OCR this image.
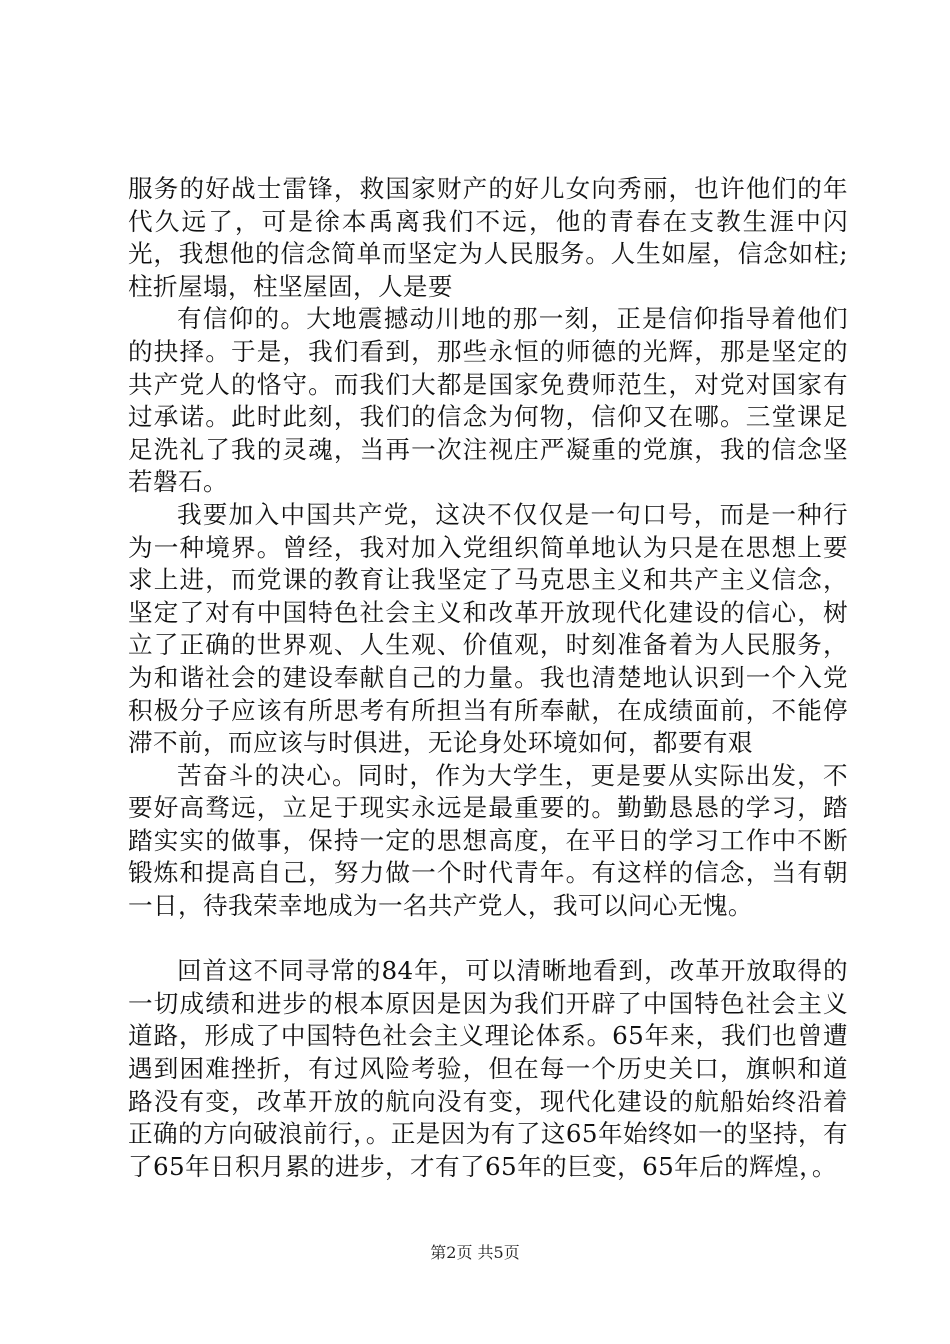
服务的好战士雷锋，救国家财产的好儿女向秀丽，也许他们的年代久远了，可是徐本禹离我们不远，他的青春在支教生涯中闪光，我想他的信念简单而坚定为人民服务。人生如屋，信念如柱;柱折屋塌，柱坚屋固，人是要

有信仰的。大地震撼动川地的那一刻，正是信仰指导着他们的抉择。于是，我们看到，那些永恒的师德的光辉，那是坚定的共产党人的恪守。而我们大都是国家免费师范生，对党对国家有过承诺。此时此刻，我们的信念为何物，信仰又在哪。三堂课足足洗礼了我的灵魂，当再一次注视庄严凝重的党旗，我的信念坚若磐石。

我要加入中国共产党，这决不仅仅是一句口号，而是一种行为一种境界。曾经，我对加入党组织简单地认为只是在思想上要求上进，而党课的教育让我坚定了马克思主义和共产主义信念，坚定了对有中国特色社会主义和改革开放现代化建设的信心，树立了正确的世界观、人生观、价值观，时刻准备着为人民服务，为和谐社会的建设奉献自己的力量。我也清楚地认识到一个入党积极分子应该有所思考有所担当有所奉献，在成绩面前，不能停滞不前，而应该与时俱进，无论身处环境如何，都要有艰

苦奋斗的决心。同时，作为大学生，更是要从实际出发，不要好高骛远，立足于现实永远是最重要的。勤勤恳恳的学习，踏踏实实的做事，保持一定的思想高度，在平日的学习工作中不断锻炼和提高自己，努力做一个时代青年。有这样的信念，当有朝一日，待我荣幸地成为一名共产党人，我可以问心无愧。

回首这不同寻常的84年，可以清晰地看到，改革开放取得的一切成绩和进步的根本原因是因为我们开辟了中国特色社会主义道路，形成了中国特色社会主义理论体系。65年来，我们也曾遭遇到困难挫折，有过风险考验，但在每一个历史关口，旗帜和道路没有变，改革开放的航向没有变，现代化建设的航船始终沿着正确的方向破浪前行，。正是因为有了这65年始终如一的坚持，有了65年日积月累的进步，才有了65年的巨变，65年后的辉煌，。

第2页 共5页
